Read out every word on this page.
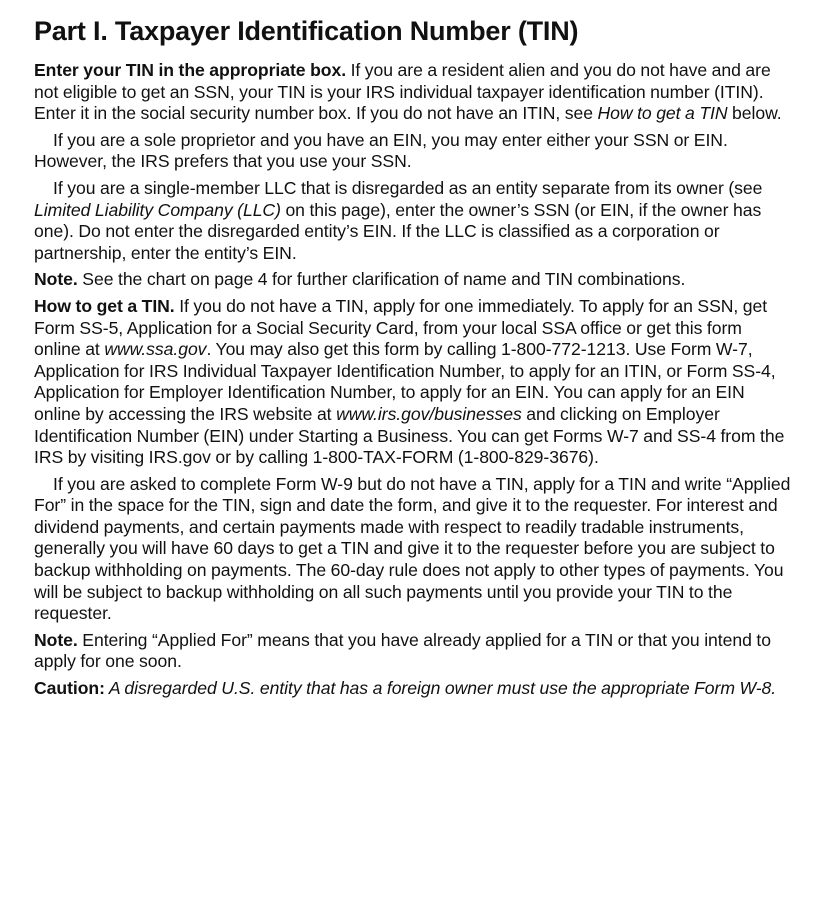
Part I. Taxpayer Identification Number (TIN)

Enter your TIN in the appropriate box. If you are a resident alien and you do not have and are not eligible to get an SSN, your TIN is your IRS individual taxpayer identification number (ITIN). Enter it in the social security number box. If you do not have an ITIN, see How to get a TIN below.

If you are a sole proprietor and you have an EIN, you may enter either your SSN or EIN. However, the IRS prefers that you use your SSN.

If you are a single-member LLC that is disregarded as an entity separate from its owner (see Limited Liability Company (LLC) on this page), enter the owner’s SSN (or EIN, if the owner has one). Do not enter the disregarded entity’s EIN. If the LLC is classified as a corporation or partnership, enter the entity’s EIN.

Note. See the chart on page 4 for further clarification of name and TIN combinations.

How to get a TIN. If you do not have a TIN, apply for one immediately. To apply for an SSN, get Form SS-5, Application for a Social Security Card, from your local SSA office or get this form online at www.ssa.gov. You may also get this form by calling 1-800-772-1213. Use Form W-7, Application for IRS Individual Taxpayer Identification Number, to apply for an ITIN, or Form SS-4, Application for Employer Identification Number, to apply for an EIN. You can apply for an EIN online by accessing the IRS website at www.irs.gov/businesses and clicking on Employer Identification Number (EIN) under Starting a Business. You can get Forms W-7 and SS-4 from the IRS by visiting IRS.gov or by calling 1-800-TAX-FORM (1-800-829-3676).

If you are asked to complete Form W-9 but do not have a TIN, apply for a TIN and write “Applied For” in the space for the TIN, sign and date the form, and give it to the requester. For interest and dividend payments, and certain payments made with respect to readily tradable instruments, generally you will have 60 days to get a TIN and give it to the requester before you are subject to backup withholding on payments. The 60-day rule does not apply to other types of payments. You will be subject to backup withholding on all such payments until you provide your TIN to the requester.

Note. Entering “Applied For” means that you have already applied for a TIN or that you intend to apply for one soon.

Caution: A disregarded U.S. entity that has a foreign owner must use the appropriate Form W-8.
